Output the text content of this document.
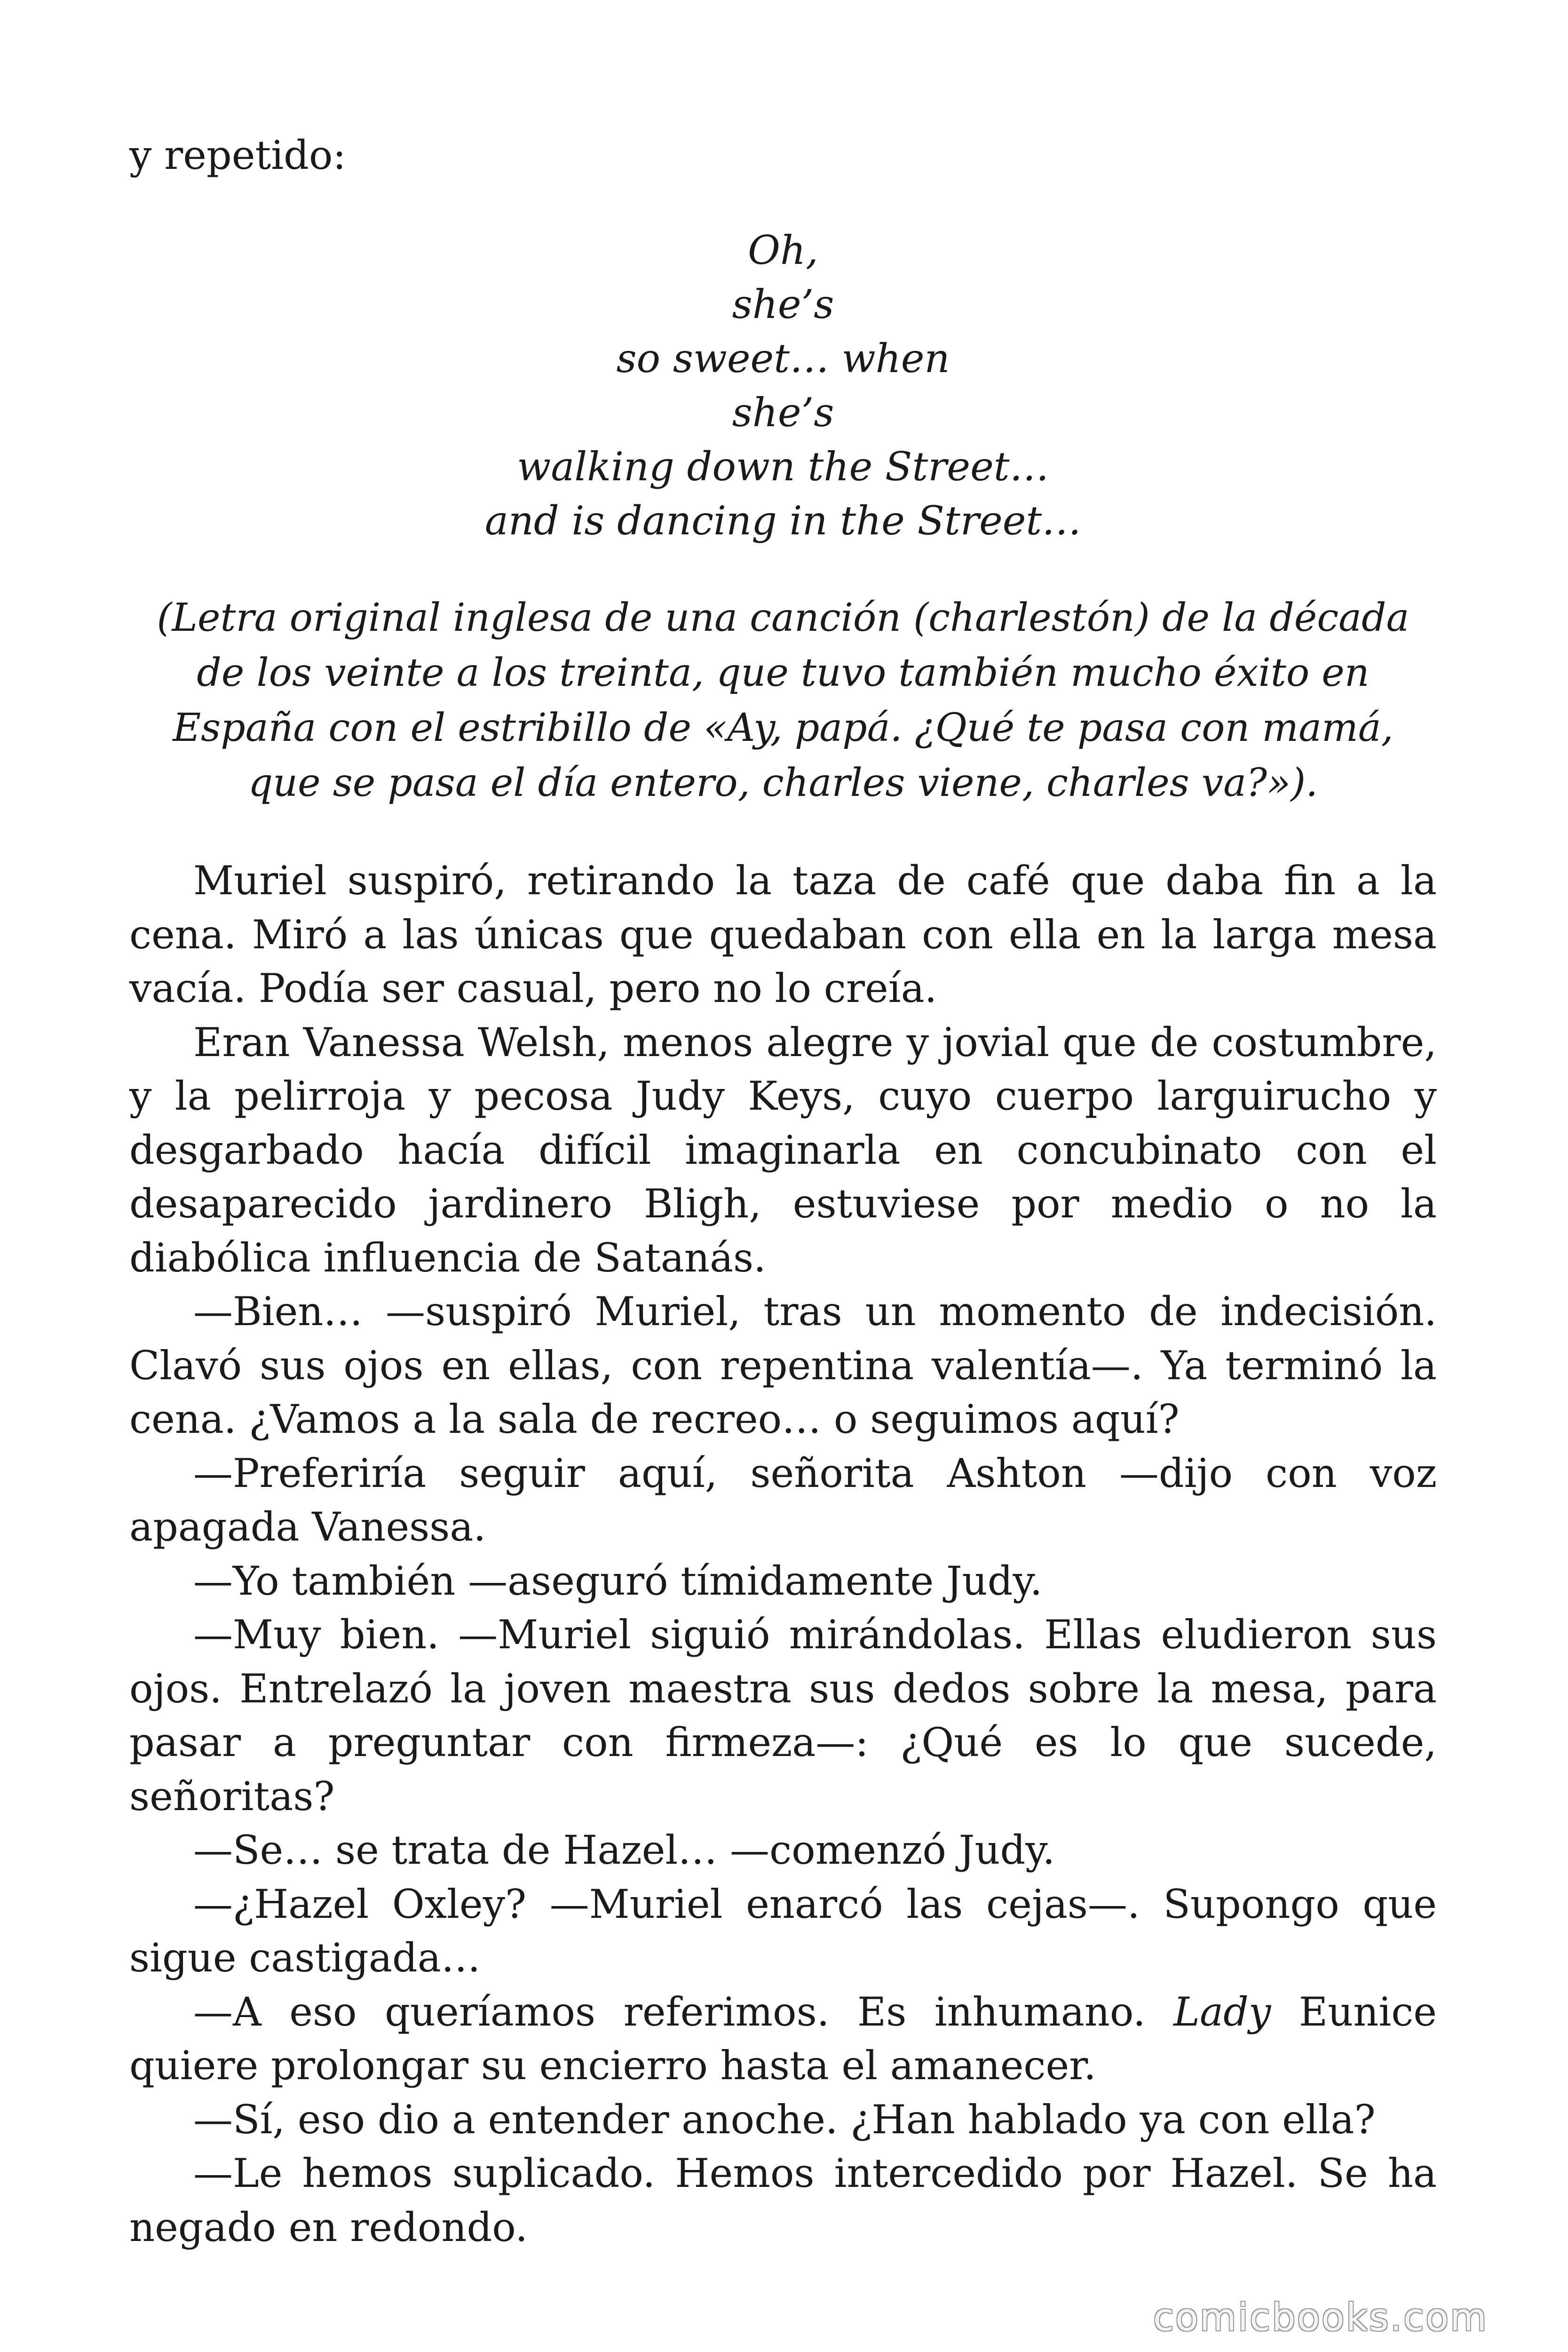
y repetido:
Oh,
she’s
so sweet… when
she’s
walking down the Street…
and is dancing in the Street…
(Letra original inglesa de una canción (charlestón) de la década de los veinte a los treinta, que tuvo también mucho éxito en España con el estribillo de «Ay, papá. ¿Qué te pasa con mamá, que se pasa el día entero, charles viene, charles va?»).

Muriel suspiró, retirando la taza de café que daba fin a la cena. Miró a las únicas que quedaban con ella en la larga mesa vacía. Podía ser casual, pero no lo creía.

Eran Vanessa Welsh, menos alegre y jovial que de costumbre, y la pelirroja y pecosa Judy Keys, cuyo cuerpo larguirucho y desgarbado hacía difícil imaginarla en concubinato con el desaparecido jardinero Bligh, estuviese por medio o no la diabólica influencia de Satanás.

—Bien… —suspiró Muriel, tras un momento de indecisión. Clavó sus ojos en ellas, con repentina valentía—. Ya terminó la cena. ¿Vamos a la sala de recreo… o seguimos aquí?

—Preferiría seguir aquí, señorita Ashton —dijo con voz apagada Vanessa.

—Yo también —aseguró tímidamente Judy.

—Muy bien. —Muriel siguió mirándolas. Ellas eludieron sus ojos. Entrelazó la joven maestra sus dedos sobre la mesa, para pasar a preguntar con firmeza—: ¿Qué es lo que sucede, señoritas?

—Se… se trata de Hazel… —comenzó Judy.

—¿Hazel Oxley? —Muriel enarcó las cejas—. Supongo que sigue castigada…

—A eso queríamos referimos. Es inhumano. Lady Eunice quiere prolongar su encierro hasta el amanecer.

—Sí, eso dio a entender anoche. ¿Han hablado ya con ella?

—Le hemos suplicado. Hemos intercedido por Hazel. Se ha negado en redondo.

comicbooks.com
